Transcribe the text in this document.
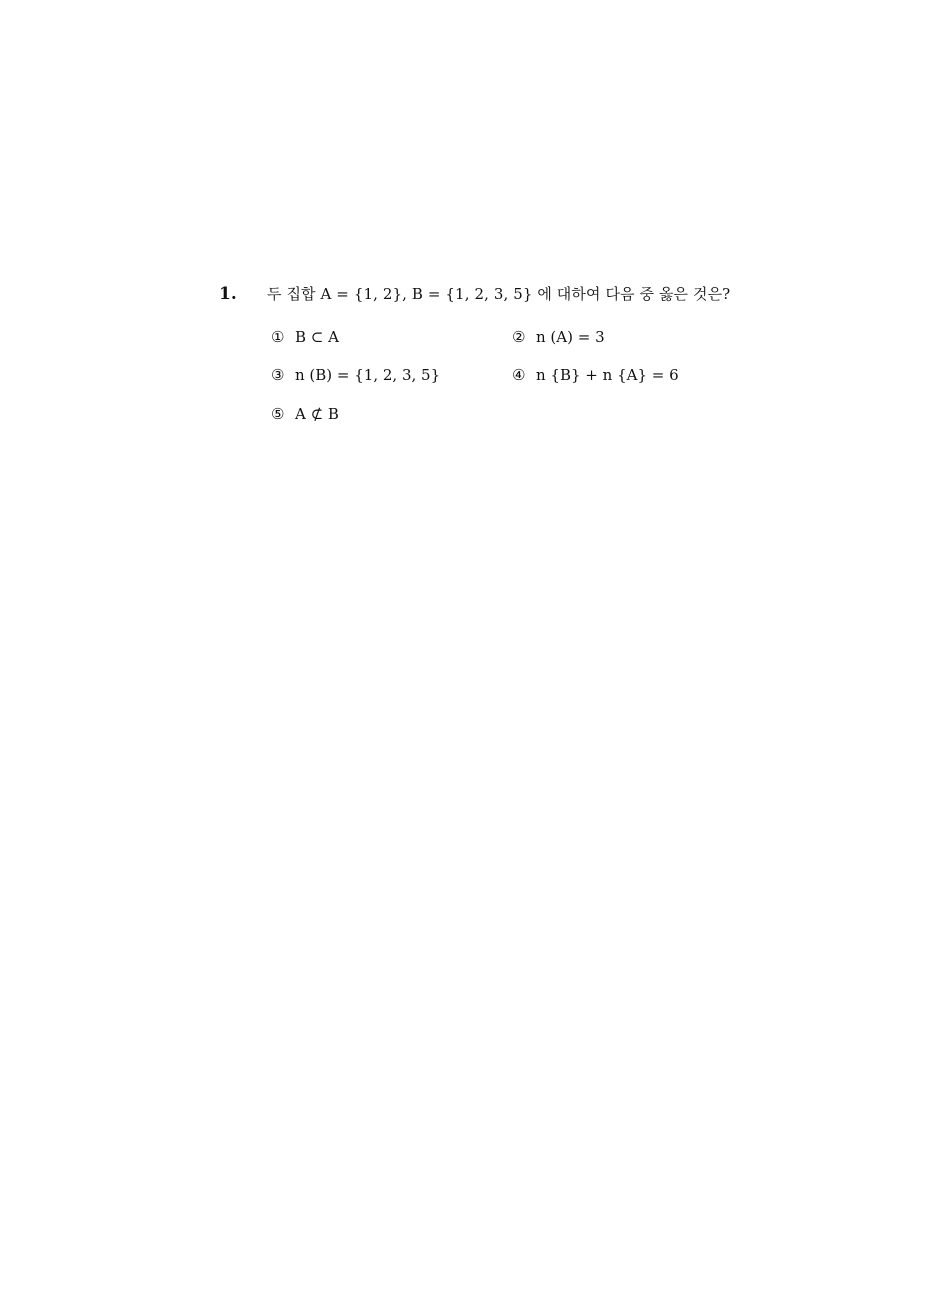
1.	두 집합 A = {1, 2}, B = {1, 2, 3, 5} 에 대하여 다음 중 옳은 것은?
① B ⊂ A	② n (A) = 3
③ n (B) = {1, 2, 3, 5}	④ n {B} + n {A} = 6
⑤ A ⊄ B
